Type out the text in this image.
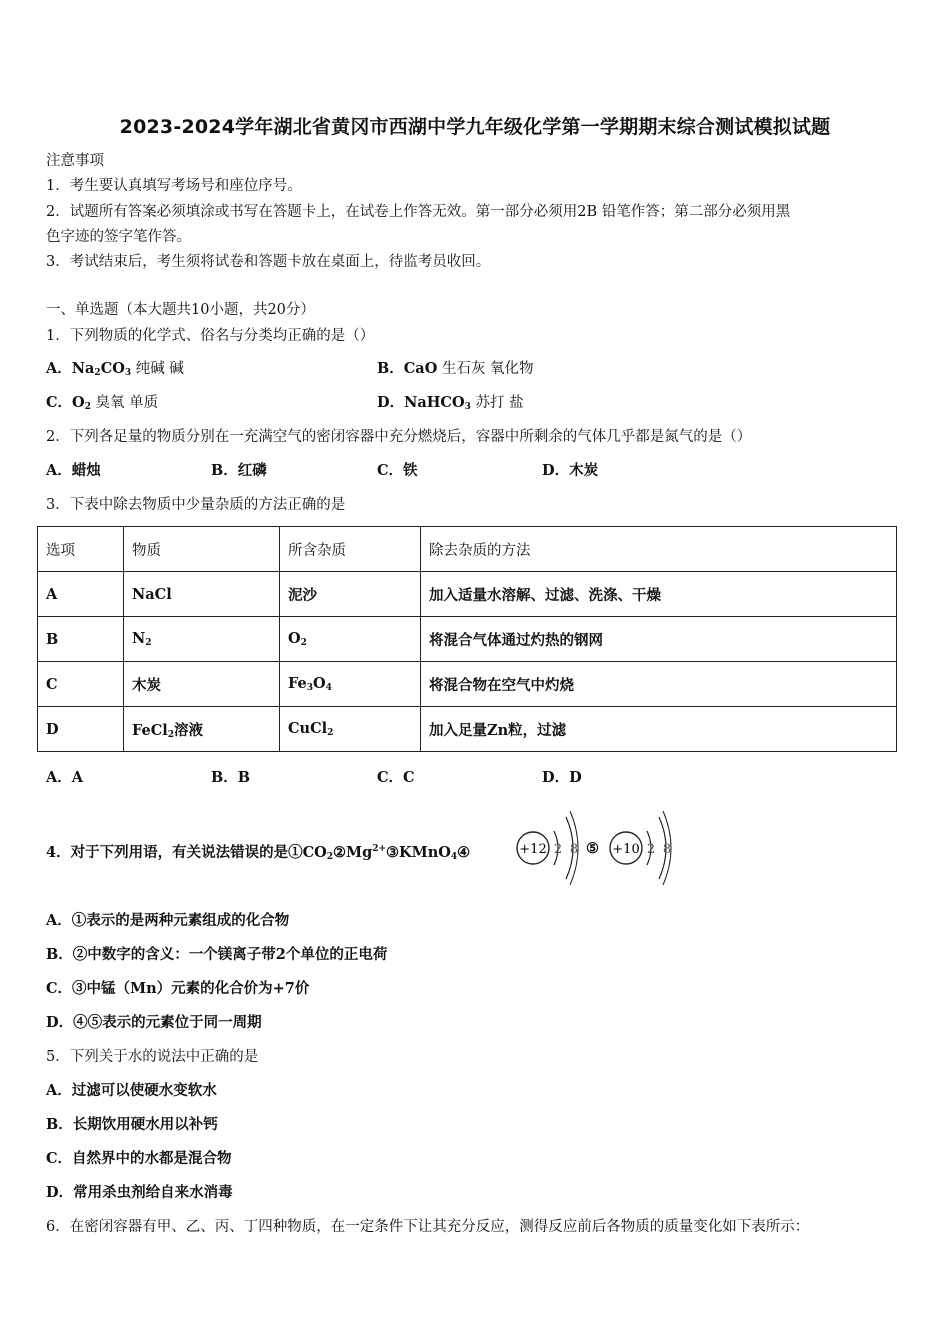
2023-2024学年湖北省黄冈市西湖中学九年级化学第一学期期末综合测试模拟试题
注意事项
1．考生要认真填写考场号和座位序号。
2．试题所有答案必须填涂或书写在答题卡上，在试卷上作答无效。第一部分必须用2B 铅笔作答；第二部分必须用黑
色字迹的签字笔作答。
3．考试结束后，考生须将试卷和答题卡放在桌面上，待监考员收回。
一、单选题（本大题共10小题，共20分）
1．下列物质的化学式、俗名与分类均正确的是（）
A．$Na_2CO_3$ 纯碱 碱	B．CaO 生石灰 氧化物
C．$O_2$ 臭氧 单质	D．NaHCO$_3$ 苏打 盐
2．下列各足量的物质分别在一充满空气的密闭容器中充分燃烧后，容器中所剩余的气体几乎都是氮气的是（）
A．蜡烛	B．红磷	C．铁	D．木炭
3．下表中除去物质中少量杂质的方法正确的是
选项	物质	所含杂质	除去杂质的方法
A	NaCl	泥沙	加入适量水溶解、过滤、洗涤、干燥
B	$N_2$	$O_2$	将混合气体通过灼热的钢网
C	木炭	$Fe_3O_4$	将混合物在空气中灼烧
D	FeCl$_2$溶液	CuCl$_2$	加入足量Zn粒，过滤
A．A	B．B	C．C	D．D
4．对于下列用语，有关说法错误的是$①CO_2②Mg^{2+}③KMnO_4④$	+12 2 8 ⑤ +10 2 8
A．①表示的是两种元素组成的化合物
B．②中数字的含义：一个镁离子带2个单位的正电荷
C．③中锰（Mn）元素的化合价为+7价
D．④⑤表示的元素位于同一周期
5．下列关于水的说法中正确的是
A．过滤可以使硬水变软水
B．长期饮用硬水用以补钙
C．自然界中的水都是混合物
D．常用杀虫剂给自来水消毒
6．在密闭容器有甲、乙、丙、丁四种物质，在一定条件下让其充分反应，测得反应前后各物质的质量变化如下表所示：
